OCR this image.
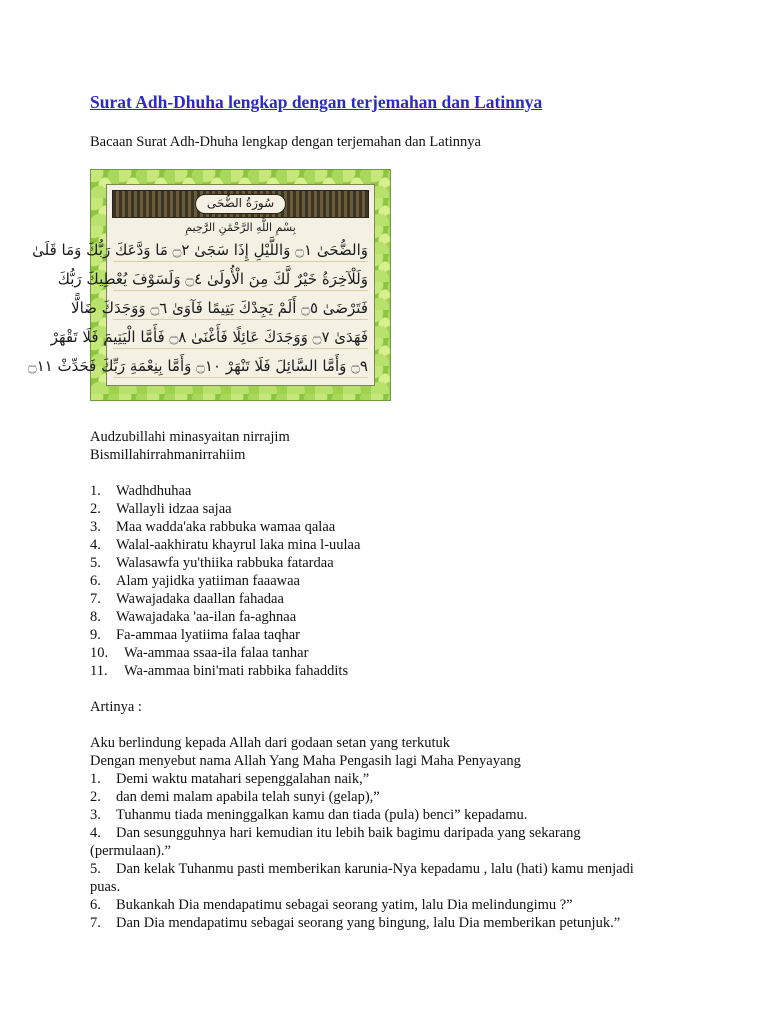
Surat Adh-Dhuha lengkap dengan terjemahan dan Latinnya
Bacaan Surat Adh-Dhuha lengkap dengan terjemahan dan Latinnya
سُورَةُ الضُّحَى
بِسْمِ اللَّهِ الرَّحْمَٰنِ الرَّحِيمِ
وَالضُّحَىٰ ۝١ وَاللَّيْلِ إِذَا سَجَىٰ ۝٢ مَا وَدَّعَكَ رَبُّكَ وَمَا قَلَىٰ
وَلَلْآخِرَةُ خَيْرٌ لَّكَ مِنَ الْأُولَىٰ ۝٤ وَلَسَوْفَ يُعْطِيكَ رَبُّكَ
فَتَرْضَىٰ ۝٥ أَلَمْ يَجِدْكَ يَتِيمًا فَآوَىٰ ۝٦ وَوَجَدَكَ ضَالًّا
فَهَدَىٰ ۝٧ وَوَجَدَكَ عَائِلًا فَأَغْنَىٰ ۝٨ فَأَمَّا الْيَتِيمَ فَلَا تَقْهَرْ
۝٩ وَأَمَّا السَّائِلَ فَلَا تَنْهَرْ ۝١٠ وَأَمَّا بِنِعْمَةِ رَبِّكَ فَحَدِّثْ ۝١١
Audzubillahi minasyaitan nirrajim
Bismillahirrahmanirrahiim
1.	Wadhdhuhaa
2.	Wallayli idzaa sajaa
3.	Maa wadda'aka rabbuka wamaa qalaa
4.	Walal-aakhiratu khayrul laka mina l-uulaa
5.	Walasawfa yu'thiika rabbuka fatardaa
6.	Alam yajidka yatiiman faaawaa
7.	Wawajadaka daallan fahadaa
8.	Wawajadaka 'aa-ilan fa-aghnaa
9.	Fa-ammaa lyatiima falaa taqhar
10.	Wa-ammaa ssaa-ila falaa tanhar
11.	Wa-ammaa bini'mati rabbika fahaddits
Artinya :
Aku berlindung kepada Allah dari godaan setan yang terkutuk
Dengan menyebut nama Allah Yang Maha Pengasih lagi Maha Penyayang
1.	Demi waktu matahari sepenggalahan naik,”
2.	dan demi malam apabila telah sunyi (gelap),”
3.	Tuhanmu tiada meninggalkan kamu dan tiada (pula) benci” kepadamu.
4.	Dan sesungguhnya hari kemudian itu lebih baik bagimu daripada yang sekarang
(permulaan).”
5.	Dan kelak Tuhanmu pasti memberikan karunia-Nya kepadamu , lalu (hati) kamu menjadi
puas.
6.	Bukankah Dia mendapatimu sebagai seorang yatim, lalu Dia melindungimu ?”
7.	Dan Dia mendapatimu sebagai seorang yang bingung, lalu Dia memberikan petunjuk.”
